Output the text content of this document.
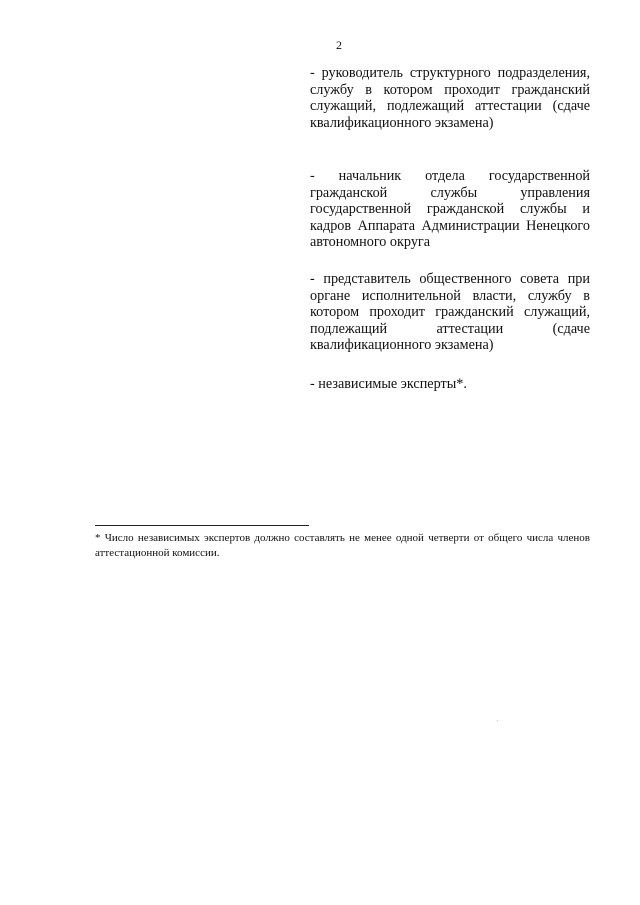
2
- руководитель структурного подразделения, службу в котором проходит гражданский служащий, подлежащий аттестации (сдаче квалификационного экзамена)
- начальник отдела государственной гражданской службы управления государственной гражданской службы и кадров Аппарата Администрации Ненецкого автономного округа
- представитель общественного совета при органе исполнительной власти, службу в котором проходит гражданский служащий, подлежащий аттестации (сдаче квалификационного экзамена)
- независимые эксперты*.
* Число независимых экспертов должно составлять не менее одной четверти от общего числа членов аттестационной комиссии.
